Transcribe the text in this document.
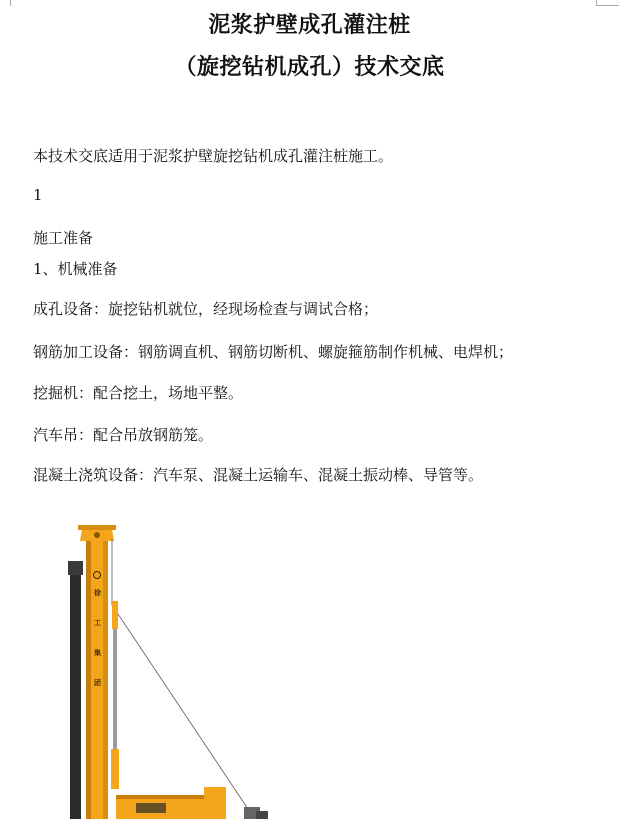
泥浆护壁成孔灌注桩
（旋挖钻机成孔）技术交底
本技术交底适用于泥浆护壁旋挖钻机成孔灌注桩施工。
1
施工准备
1、机械准备
成孔设备：旋挖钻机就位，经现场检查与调试合格；
钢筋加工设备：钢筋调直机、钢筋切断机、螺旋箍筋制作机械、电焊机；
挖掘机：配合挖土，场地平整。
汽车吊：配合吊放钢筋笼。
混凝土浇筑设备：汽车泵、混凝土运输车、混凝土振动棒、导管等。
徐
工
集
团
